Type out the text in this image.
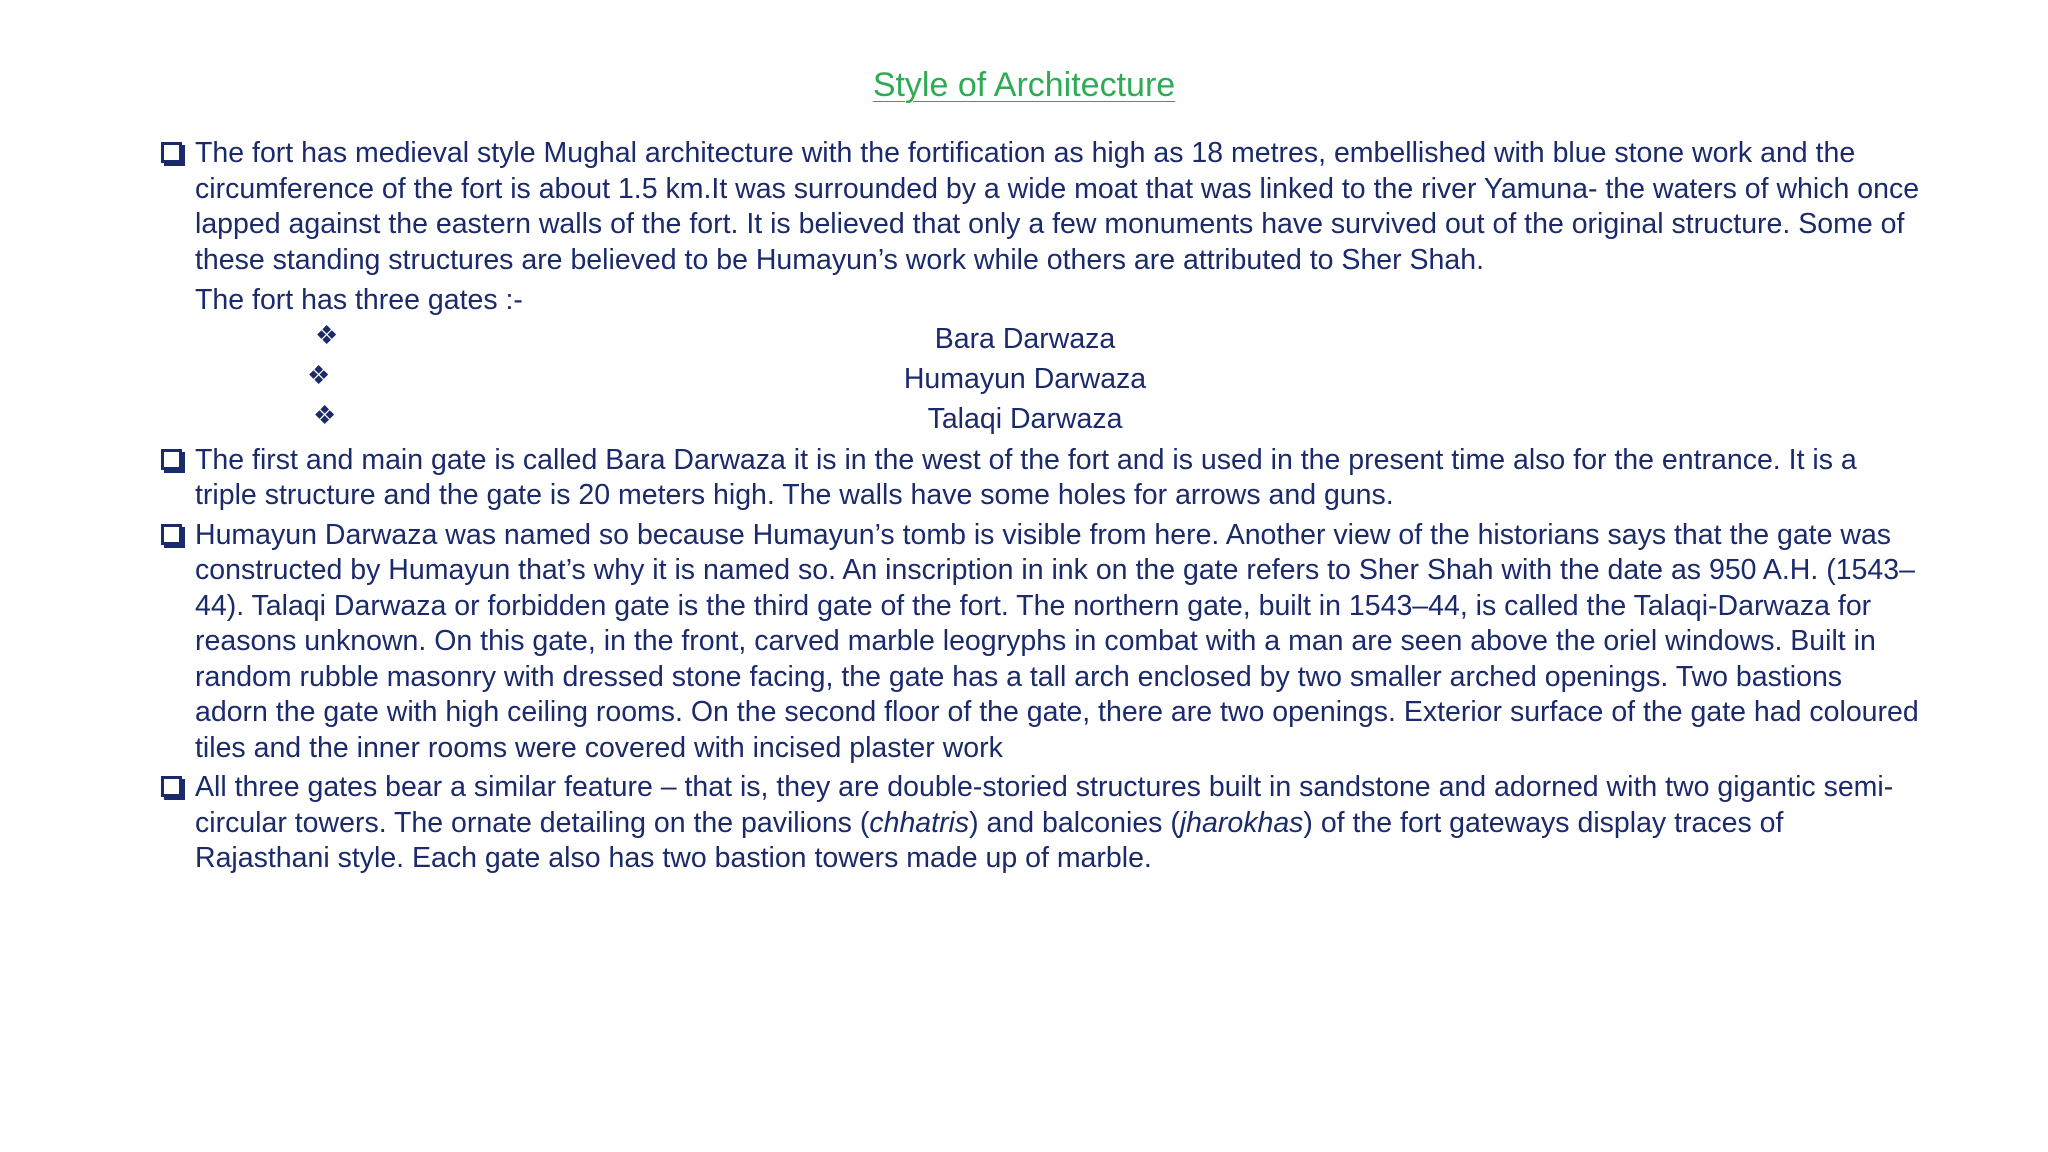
Style of Architecture
The fort has medieval style Mughal architecture with the fortification as high as 18 metres, embellished with blue stone work and the circumference of the fort is about 1.5 km.It was surrounded by a wide moat that was linked to the river Yamuna- the waters of which once lapped against the eastern walls of the fort. It is believed that only a few monuments have survived out of the original structure. Some of these standing structures are believed to be Humayun’s work while others are attributed to Sher Shah.
The fort has three gates :-
❖	Bara Darwaza
❖	Humayun Darwaza
❖	Talaqi Darwaza
The first and main gate is called Bara Darwaza it is in the west of the fort and is used in the present time also for the entrance. It is a triple structure and the gate is 20 meters high. The walls have some holes for arrows and guns.
Humayun Darwaza was named so because Humayun’s tomb is visible from here. Another view of the historians says that the gate was constructed by Humayun that’s why it is named so. An inscription in ink on the gate refers to Sher Shah with the date as 950 A.H. (1543–44). Talaqi Darwaza or forbidden gate is the third gate of the fort. The northern gate, built in 1543–44, is called the Talaqi-Darwaza for reasons unknown. On this gate, in the front, carved marble leogryphs in combat with a man are seen above the oriel windows. Built in random rubble masonry with dressed stone facing, the gate has a tall arch enclosed by two smaller arched openings. Two bastions adorn the gate with high ceiling rooms. On the second floor of the gate, there are two openings. Exterior surface of the gate had coloured tiles and the inner rooms were covered with incised plaster work
All three gates bear a similar feature – that is, they are double-storied structures built in sandstone and adorned with two gigantic semi-circular towers. The ornate detailing on the pavilions (chhatris) and balconies (jharokhas) of the fort gateways display traces of Rajasthani style. Each gate also has two bastion towers made up of marble.
